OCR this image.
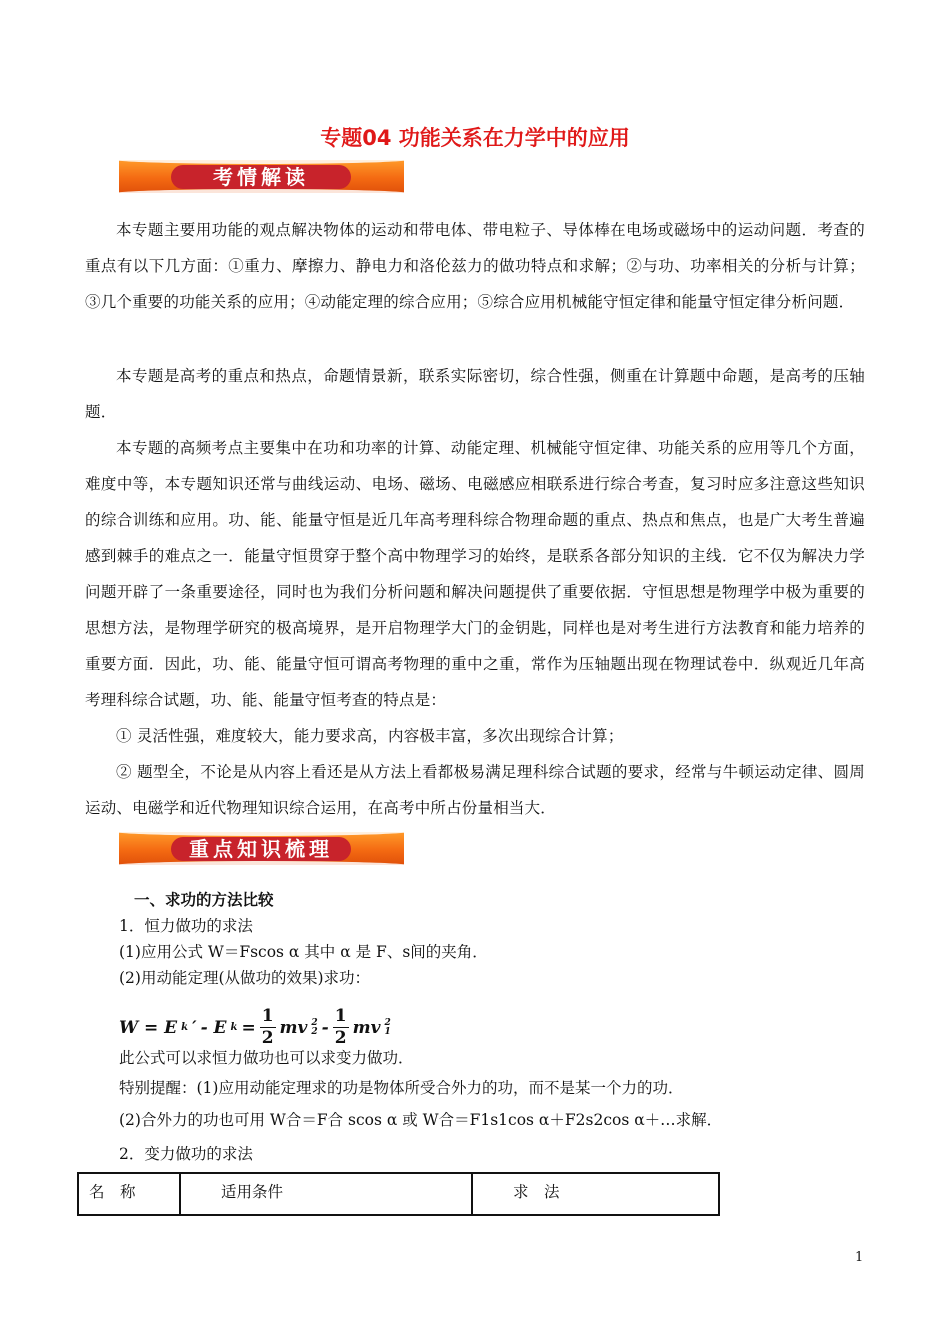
专题04 功能关系在力学中的应用
考情解读

本专题主要用功能的观点解决物体的运动和带电体、带电粒子、导体棒在电场或磁场中的运动问题．考查的重点有以下几方面：①重力、摩擦力、静电力和洛伦兹力的做功特点和求解；②与功、功率相关的分析与计算；③几个重要的功能关系的应用；④动能定理的综合应用；⑤综合应用机械能守恒定律和能量守恒定律分析问题．

本专题是高考的重点和热点，命题情景新，联系实际密切，综合性强，侧重在计算题中命题，是高考的压轴题．

本专题的高频考点主要集中在功和功率的计算、动能定理、机械能守恒定律、功能关系的应用等几个方面，难度中等，本专题知识还常与曲线运动、电场、磁场、电磁感应相联系进行综合考查，复习时应多注意这些知识的综合训练和应用。功、能、能量守恒是近几年高考理科综合物理命题的重点、热点和焦点，也是广大考生普遍感到棘手的难点之一．能量守恒贯穿于整个高中物理学习的始终，是联系各部分知识的主线．它不仅为解决力学问题开辟了一条重要途径，同时也为我们分析问题和解决问题提供了重要依据．守恒思想是物理学中极为重要的思想方法，是物理学研究的极高境界，是开启物理学大门的金钥匙，同样也是对考生进行方法教育和能力培养的重要方面．因此，功、能、能量守恒可谓高考物理的重中之重，常作为压轴题出现在物理试卷中．纵观近几年高考理科综合试题，功、能、能量守恒考查的特点是：

① 灵活性强，难度较大，能力要求高，内容极丰富，多次出现综合计算；

② 题型全，不论是从内容上看还是从方法上看都极易满足理科综合试题的要求，经常与牛顿运动定律、圆周运动、电磁学和近代物理知识综合运用，在高考中所占份量相当大．

重点知识梳理
一、求功的方法比较
1．恒力做功的求法
(1)应用公式 W＝Fscos α 其中 α 是 F、s间的夹角．
(2)用动能定理(从做功的效果)求功：
W = E k ′ - E $k = \frac{1}{2}$ mv 2
$2 - \frac{1}{2}$ mv 2
1
此公式可以求恒力做功也可以求变力做功．
特别提醒：(1)应用动能定理求的功是物体所受合外力的功，而不是某一个力的功．
(2)合外力的功也可用 W合＝F合 scos α 或 W合＝F1s1cos α＋F2s2cos α＋…求解．
2．变力做功的求法
名　称	适用条件	求　法
1
